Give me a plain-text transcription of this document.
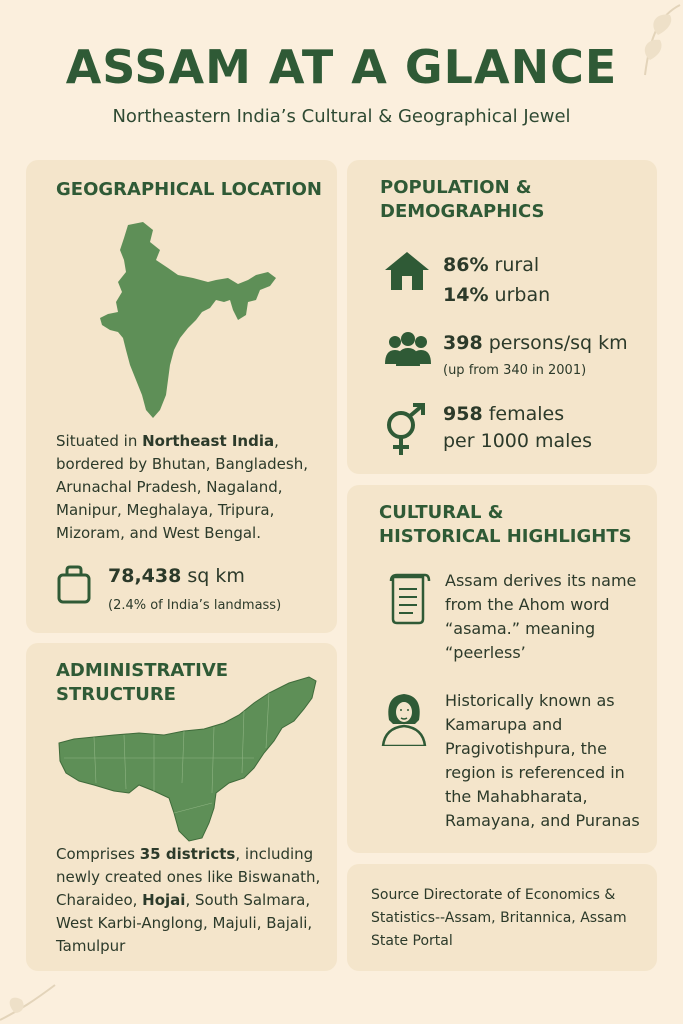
ASSAM AT A GLANCE
Northeastern India’s Cultural & Geographical Jewel
GEOGRAPHICAL LOCATION
Situated in Northeast India, bordered by Bhutan, Bangladesh, Arunachal Pradesh, Nagaland, Manipur, Meghalaya, Tripura, Mizoram, and West Bengal.
78,438 sq km
(2.4% of India’s landmass)
ADMINISTRATIVE
STRUCTURE
Comprises 35 districts, including newly created ones like Biswanath, Charaideo, Hojai, South Salmara, West Karbi-Anglong, Majuli, Bajali, Tamulpur
POPULATION &
DEMOGRAPHICS
86% rural
14% urban
398 persons/sq km
(up from 340 in 2001)
958 females
per 1000 males
CULTURAL &
HISTORICAL HIGHLIGHTS
Assam derives its name from the Ahom word “asama.” meaning “peerless’
Historically known as Kamarupa and Pragivotishpura, the region is referenced in the Mahabharata, Ramayana, and Puranas
Source Directorate of Economics & Statistics--Assam, Britannica, Assam State Portal
